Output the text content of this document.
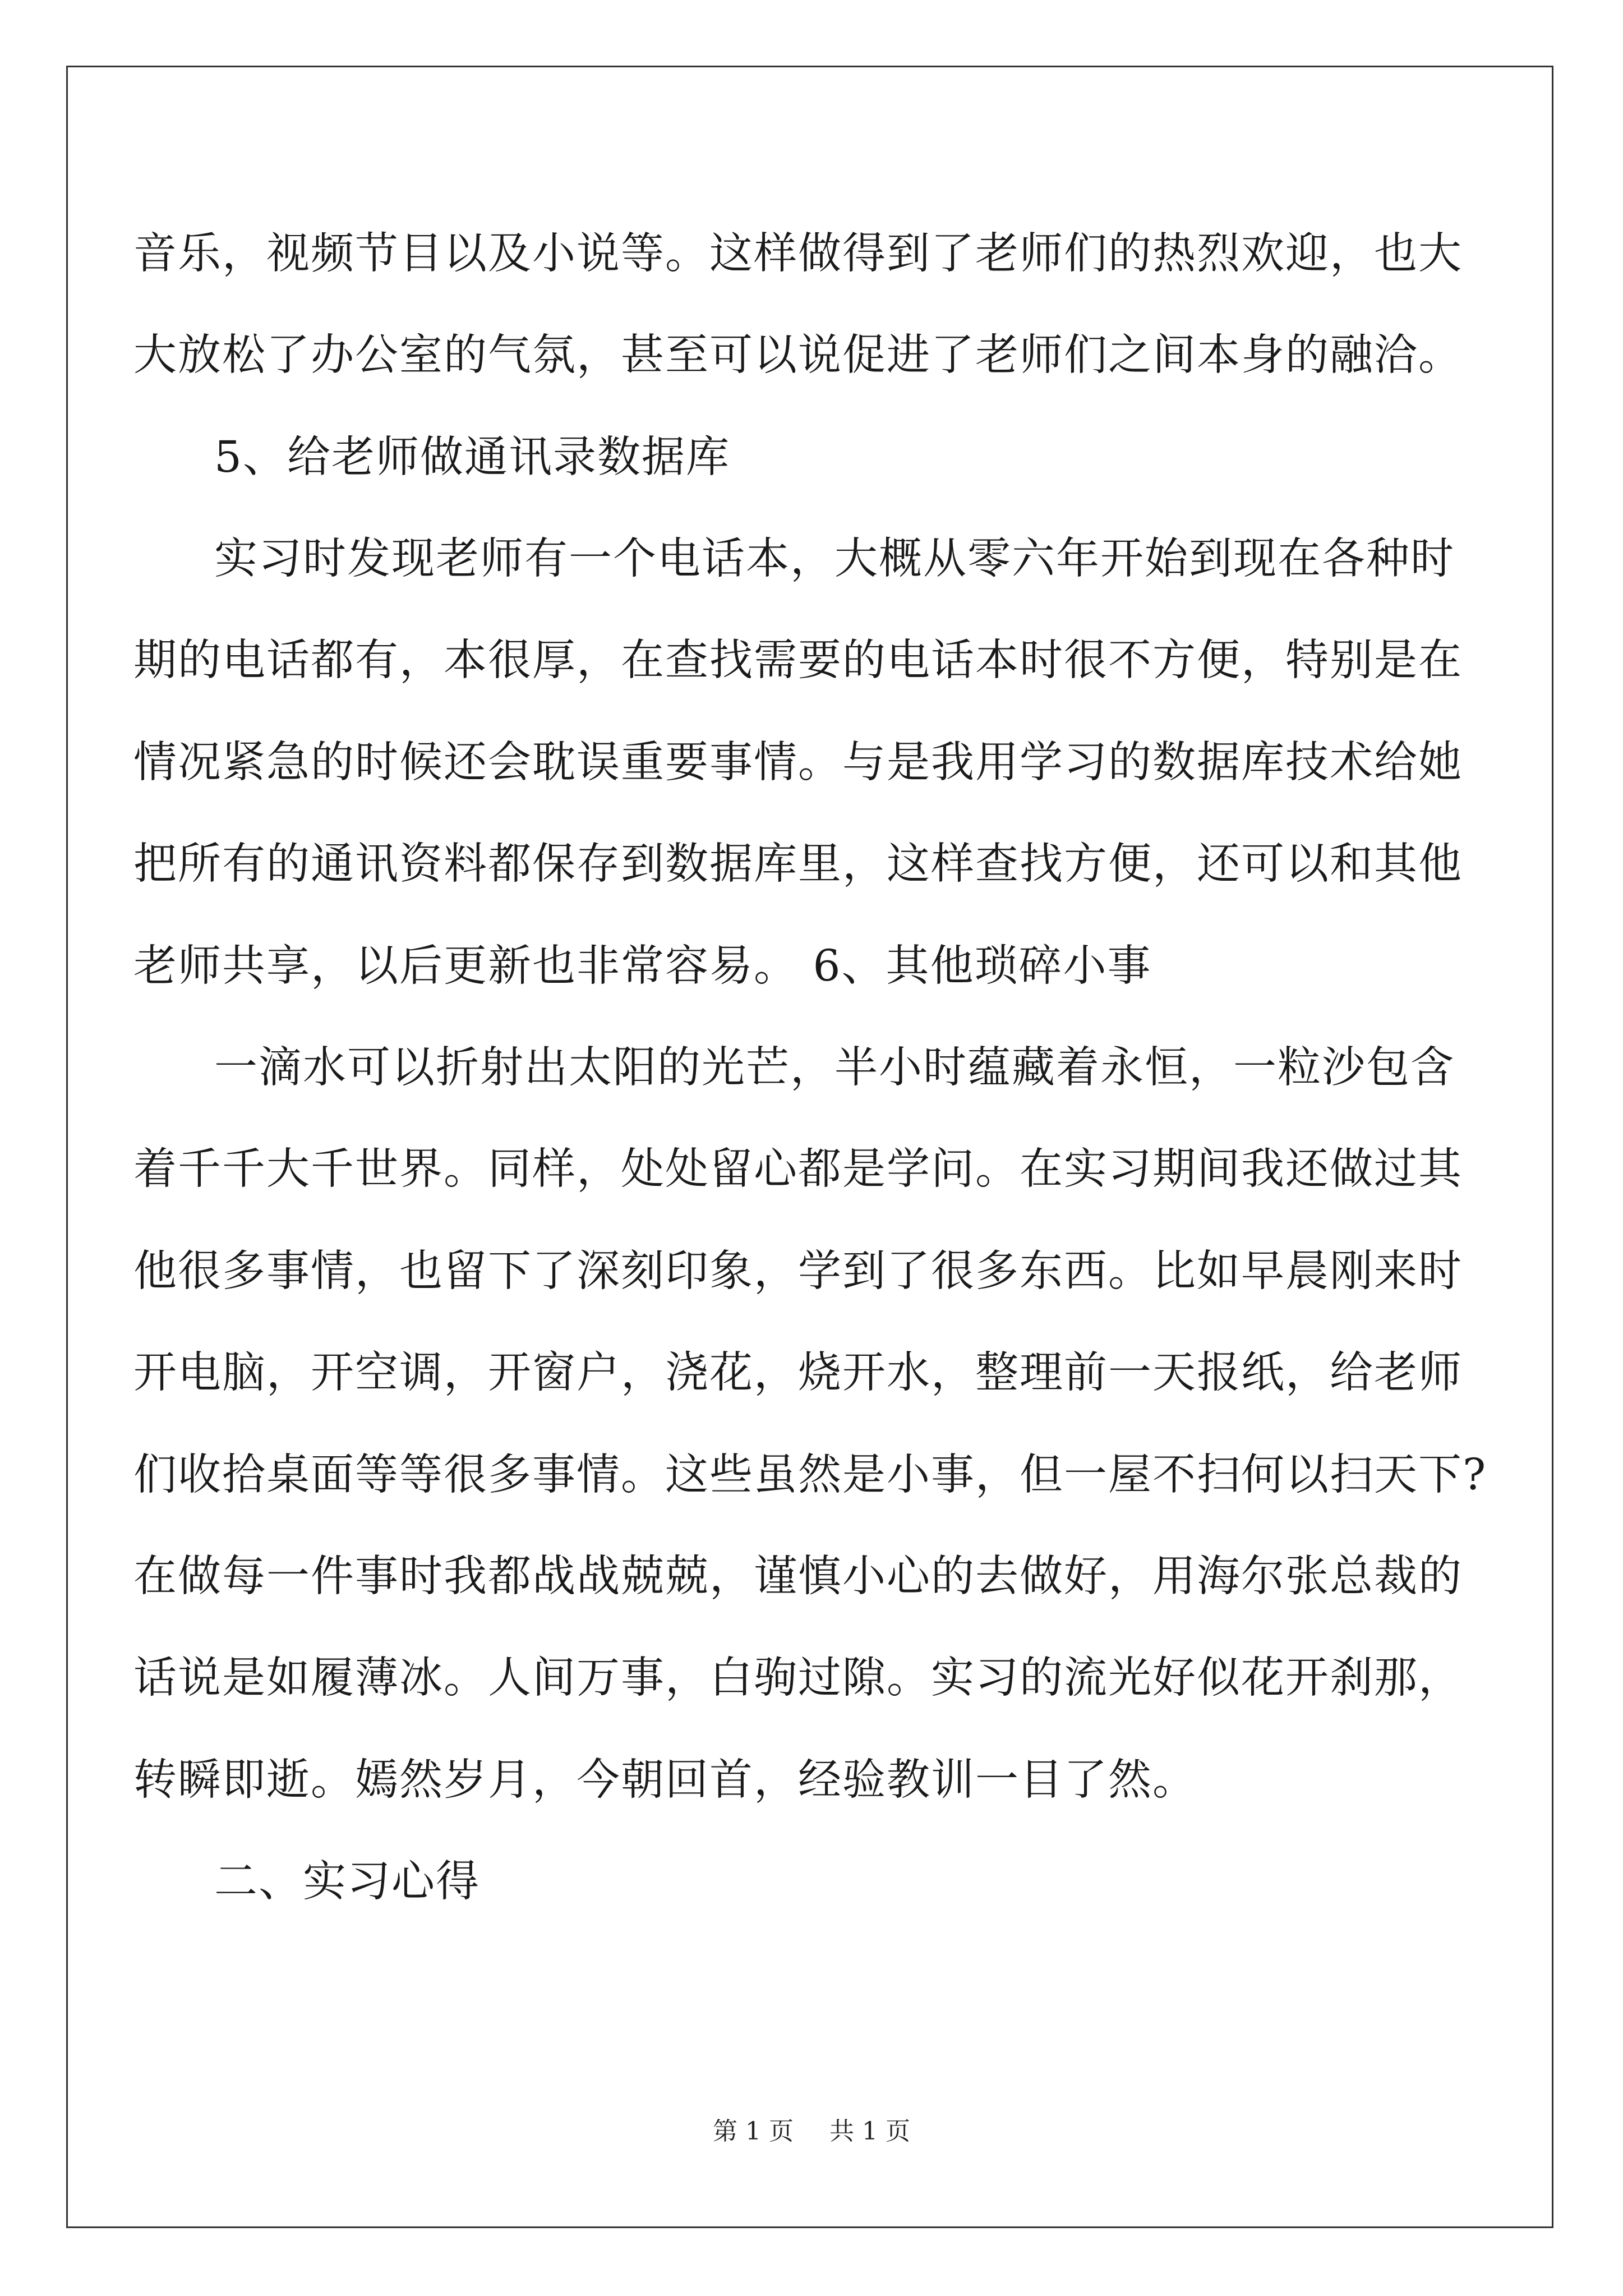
音乐，视频节目以及小说等。这样做得到了老师们的热烈欢迎，也大
大放松了办公室的气氛，甚至可以说促进了老师们之间本身的融洽。
5、给老师做通讯录数据库
实习时发现老师有一个电话本，大概从零六年开始到现在各种时
期的电话都有，本很厚，在查找需要的电话本时很不方便，特别是在
情况紧急的时候还会耽误重要事情。与是我用学习的数据库技术给她
把所有的通讯资料都保存到数据库里，这样查找方便，还可以和其他
老师共享，以后更新也非常容易。 6、其他琐碎小事
一滴水可以折射出太阳的光芒，半小时蕴藏着永恒，一粒沙包含
着千千大千世界。同样，处处留心都是学问。在实习期间我还做过其
他很多事情，也留下了深刻印象，学到了很多东西。比如早晨刚来时
开电脑，开空调，开窗户，浇花，烧开水，整理前一天报纸，给老师
们收拾桌面等等很多事情。这些虽然是小事，但一屋不扫何以扫天下?
在做每一件事时我都战战兢兢，谨慎小心的去做好，用海尔张总裁的
话说是如履薄冰。人间万事，白驹过隙。实习的流光好似花开刹那，
转瞬即逝。嫣然岁月，今朝回首，经验教训一目了然。
二、实习心得
第 1 页 共 1 页
